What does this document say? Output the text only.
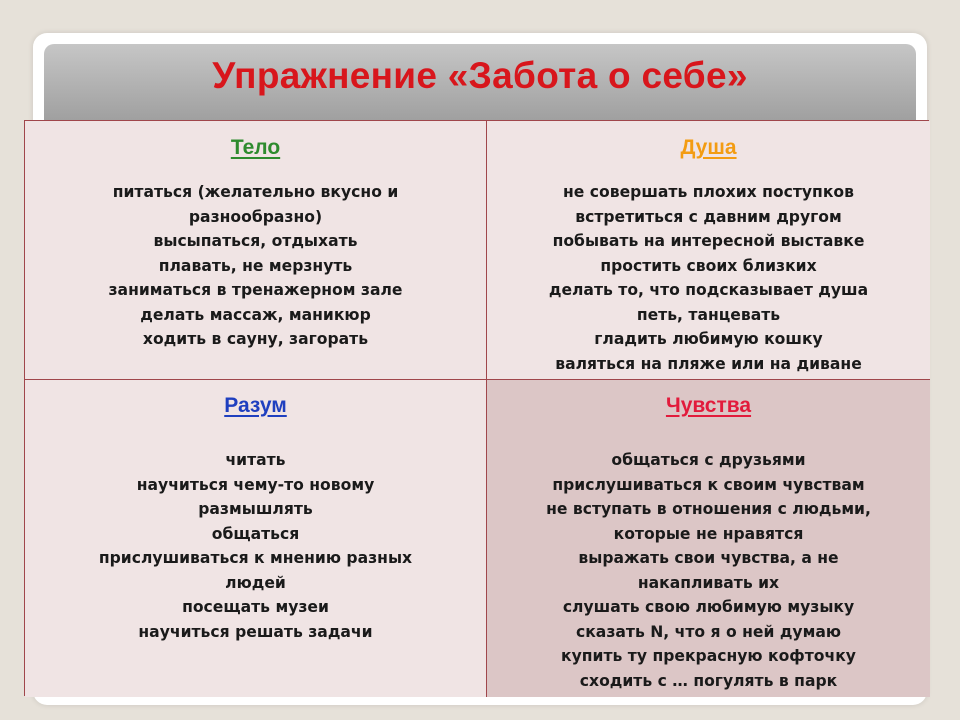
Упражнение «Забота о себе»
Тело
питаться (желательно вкусно и
разнообразно)
высыпаться, отдыхать
плавать, не мерзнуть
заниматься в тренажерном зале
делать массаж, маникюр
ходить в сауну, загорать
Душа
не совершать плохих поступков
встретиться с давним другом
побывать на интересной выставке
простить своих близких
делать то, что подсказывает душа
петь, танцевать
гладить любимую кошку
валяться на пляже или на диване
Разум
читать
научиться чему-то новому
размышлять
общаться
прислушиваться к мнению разных
людей
посещать музеи
научиться решать задачи
Чувства
общаться с друзьями
прислушиваться к своим чувствам
не вступать в отношения с людьми,
которые не нравятся
выражать свои чувства, а не
накапливать их
слушать свою любимую музыку
сказать N, что я о ней думаю
купить ту прекрасную кофточку
сходить с … погулять в парк
